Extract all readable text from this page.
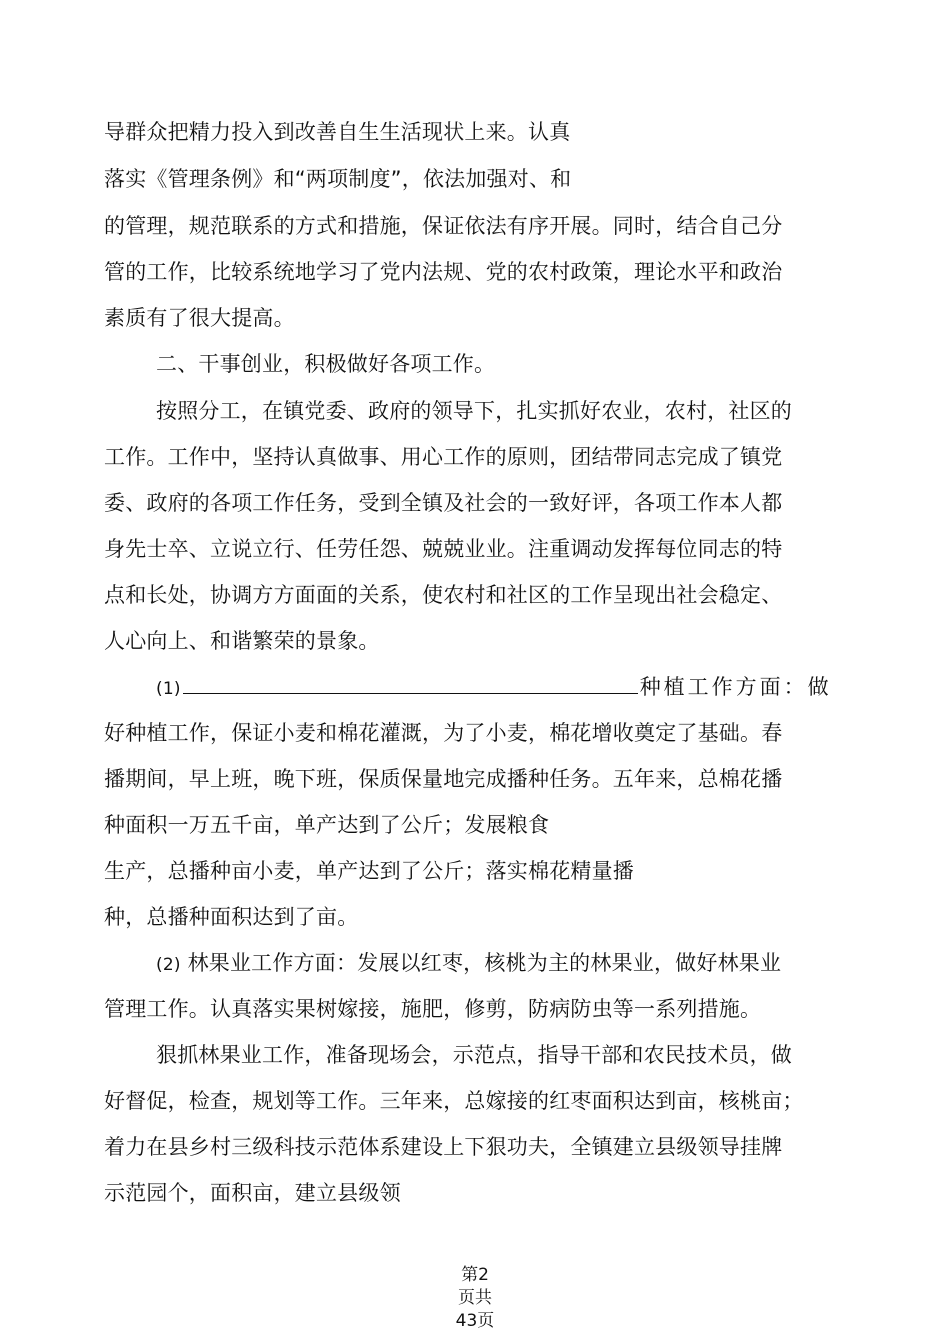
导群众把精力投入到改善自生生活现状上来。认真
落实《管理条例》和“两项制度”，依法加强对、和
的管理，规范联系的方式和措施，保证依法有序开展。同时，结合自己分
管的工作，比较系统地学习了党内法规、党的农村政策，理论水平和政治
素质有了很大提高。
二、干事创业，积极做好各项工作。
按照分工，在镇党委、政府的领导下，扎实抓好农业，农村，社区的
工作。工作中，坚持认真做事、用心工作的原则，团结带同志完成了镇党
委、政府的各项工作任务，受到全镇及社会的一致好评，各项工作本人都
身先士卒、立说立行、任劳任怨、兢兢业业。注重调动发挥每位同志的特
点和长处，协调方方面面的关系，使农村和社区的工作呈现出社会稳定、
人心向上、和谐繁荣的景象。
(1)	种植工作方面：做
好种植工作，保证小麦和棉花灌溉，为了小麦，棉花增收奠定了基础。春
播期间，早上班，晚下班，保质保量地完成播种任务。五年来，总棉花播
种面积一万五千亩，单产达到了公斤；发展粮食
生产，总播种亩小麦，单产达到了公斤；落实棉花精量播
种，总播种面积达到了亩。
(2) 林果业工作方面：发展以红枣，核桃为主的林果业，做好林果业
管理工作。认真落实果树嫁接，施肥，修剪，防病防虫等一系列措施。
狠抓林果业工作，准备现场会，示范点，指导干部和农民技术员，做
好督促，检查，规划等工作。三年来，总嫁接的红枣面积达到亩，核桃亩；
着力在县乡村三级科技示范体系建设上下狠功夫，全镇建立县级领导挂牌
示范园个，面积亩，建立县级领
第2
页共
43页
